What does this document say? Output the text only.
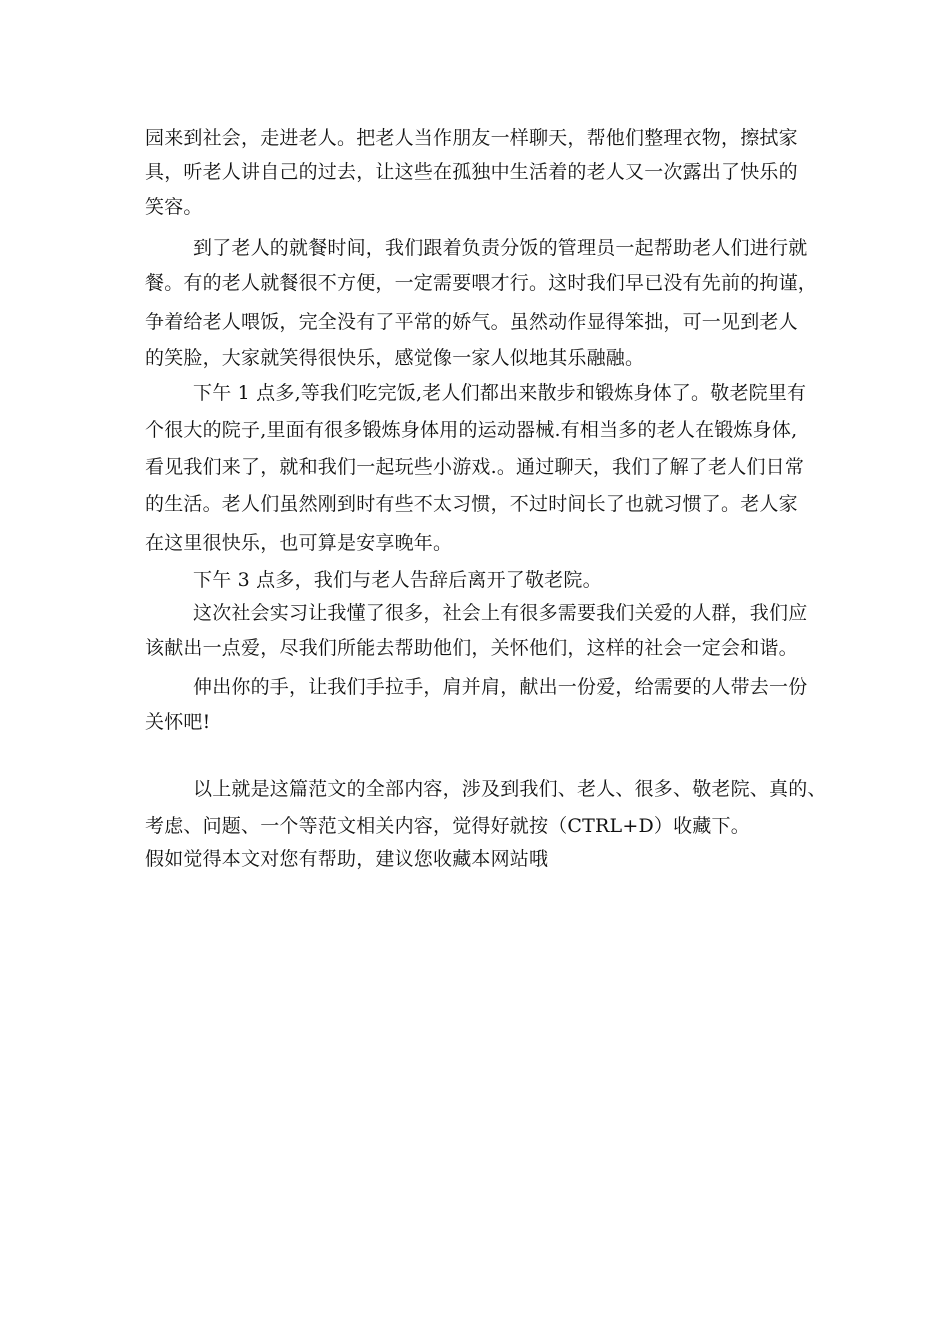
园来到社会，走进老人。把老人当作朋友一样聊天，帮他们整理衣物，擦拭家
具，听老人讲自己的过去，让这些在孤独中生活着的老人又一次露出了快乐的
笑容。
到了老人的就餐时间，我们跟着负责分饭的管理员一起帮助老人们进行就
餐。有的老人就餐很不方便，一定需要喂才行。这时我们早已没有先前的拘谨，
争着给老人喂饭，完全没有了平常的娇气。虽然动作显得笨拙，可一见到老人
的笑脸，大家就笑得很快乐，感觉像一家人似地其乐融融。
下午 1 点多,等我们吃完饭,老人们都出来散步和锻炼身体了。敬老院里有
个很大的院子,里面有很多锻炼身体用的运动器械.有相当多的老人在锻炼身体,
看见我们来了，就和我们一起玩些小游戏.。通过聊天，我们了解了老人们日常
的生活。老人们虽然刚到时有些不太习惯，不过时间长了也就习惯了。老人家
在这里很快乐，也可算是安享晚年。
下午 3 点多，我们与老人告辞后离开了敬老院。
这次社会实习让我懂了很多，社会上有很多需要我们关爱的人群，我们应
该献出一点爱，尽我们所能去帮助他们，关怀他们，这样的社会一定会和谐。
伸出你的手，让我们手拉手，肩并肩，献出一份爱，给需要的人带去一份
关怀吧!
以上就是这篇范文的全部内容，涉及到我们、老人、很多、敬老院、真的、
考虑、问题、一个等范文相关内容，觉得好就按（CTRL+D）收藏下。
假如觉得本文对您有帮助，建议您收藏本网站哦
